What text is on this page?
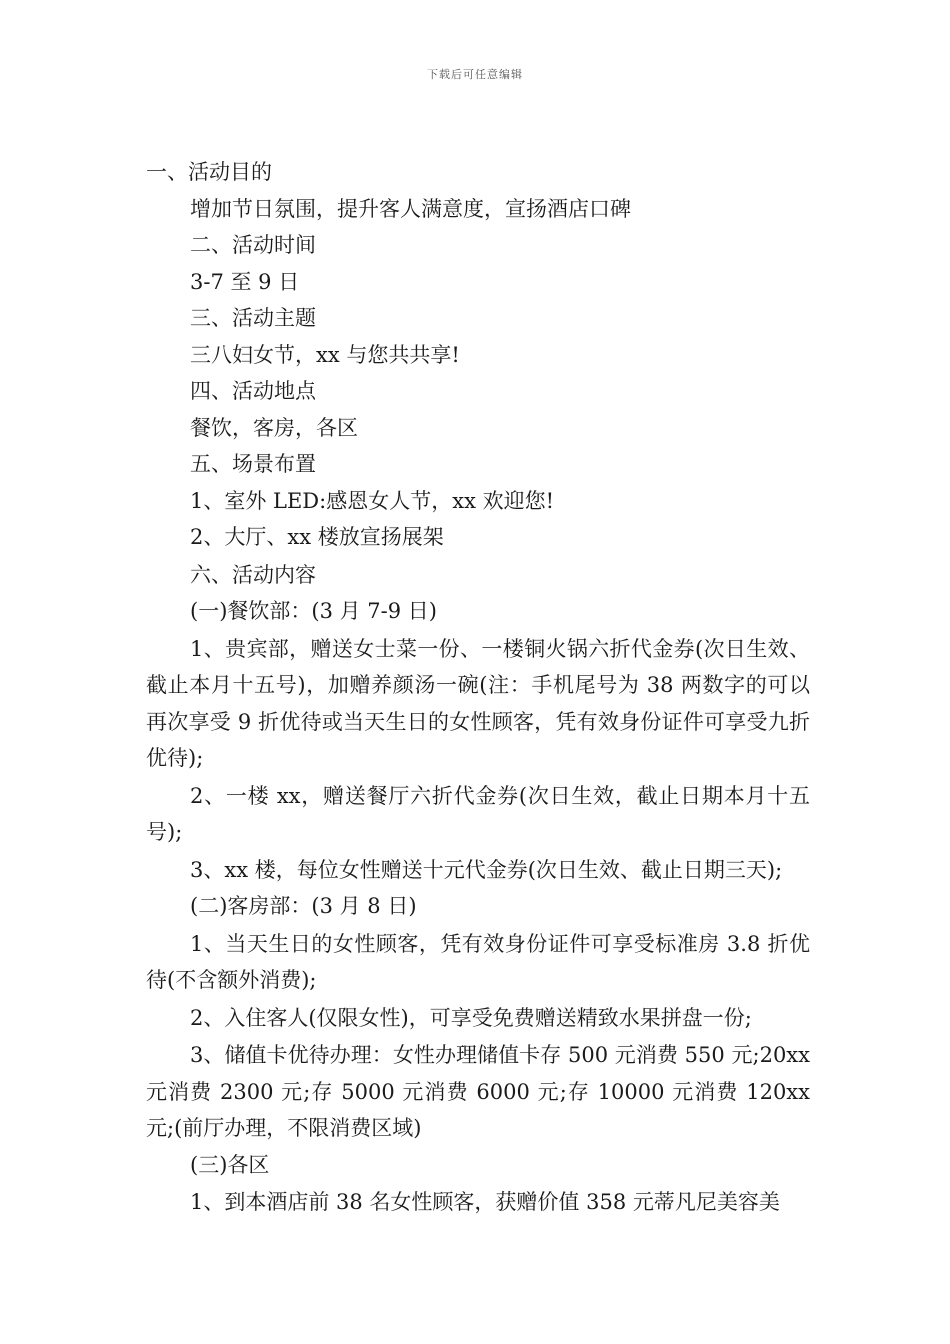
下载后可任意编辑

一、活动目的

增加节日氛围，提升客人满意度，宣扬酒店口碑

二、活动时间

3-7 至 9 日

三、活动主题

三八妇女节，xx 与您共共享!

四、活动地点

餐饮，客房，各区

五、场景布置

1、室外 LED:感恩女人节，xx 欢迎您!

2、大厅、xx 楼放宣扬展架

六、活动内容

(一)餐饮部：(3 月 7-9 日)

1、贵宾部，赠送女士菜一份、一楼铜火锅六折代金券(次日生效、截止本月十五号)，加赠养颜汤一碗(注：手机尾号为 38 两数字的可以再次享受 9 折优待或当天生日的女性顾客，凭有效身份证件可享受九折优待);

2、一楼 xx，赠送餐厅六折代金券(次日生效，截止日期本月十五号);

3、xx 楼，每位女性赠送十元代金券(次日生效、截止日期三天);

(二)客房部：(3 月 8 日)

1、当天生日的女性顾客，凭有效身份证件可享受标准房 3.8 折优待(不含额外消费);

2、入住客人(仅限女性)，可享受免费赠送精致水果拼盘一份;

3、储值卡优待办理：女性办理储值卡存 500 元消费 550 元;20xx 元消费 2300 元;存 5000 元消费 6000 元;存 10000 元消费 120xx 元;(前厅办理，不限消费区域)

(三)各区

1、到本酒店前 38 名女性顾客，获赠价值 358 元蒂凡尼美容美
